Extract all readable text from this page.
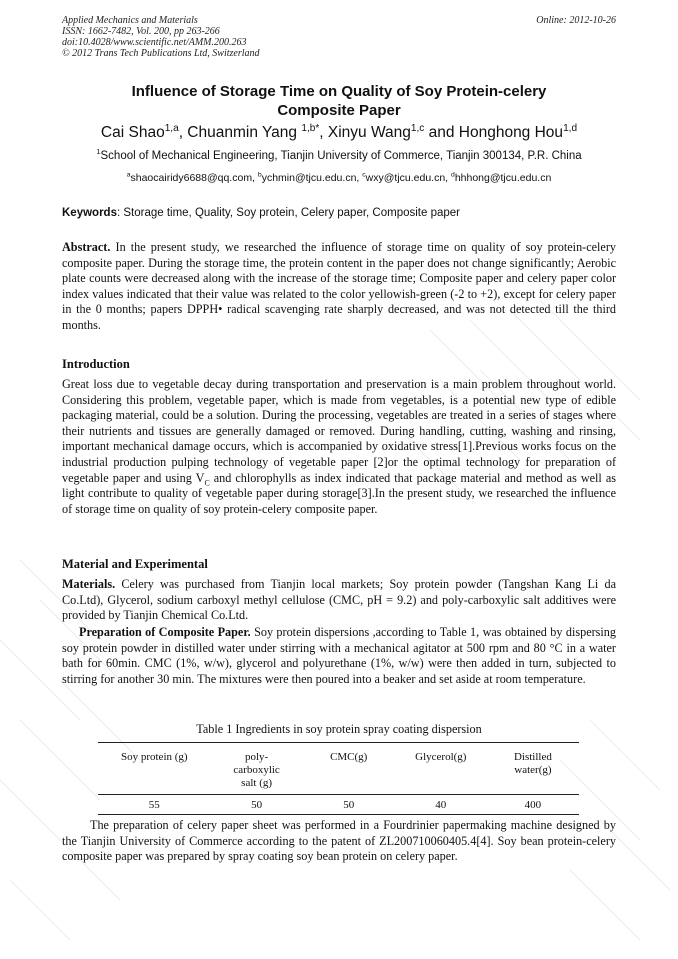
Applied Mechanics and Materials
ISSN: 1662-7482, Vol. 200, pp 263-266
doi:10.4028/www.scientific.net/AMM.200.263
© 2012 Trans Tech Publications Ltd, Switzerland
Online: 2012-10-26
Influence of Storage Time on Quality of Soy Protein-celery
Composite Paper
Cai Shao$^{1,a}$, Chuanmin Yang $^{1,b*}$, Xinyu Wang$^{1,c}$ and Honghong Hou$^{1,d}$
$^1$School of Mechanical Engineering, Tianjin University of Commerce, Tianjin 300134, P.R. China
$^a$shaocairidy6688@qq.com, $^b$ychmin@tjcu.edu.cn, $^c$wxy@tjcu.edu.cn, $^d$hhhong@tjcu.edu.cn
Keywords: Storage time, Quality, Soy protein, Celery paper, Composite paper
Abstract. In the present study, we researched the influence of storage time on quality of soy protein-celery composite paper. During the storage time, the protein content in the paper does not change significantly; Aerobic plate counts were decreased along with the increase of the storage time; Composite paper and celery paper color index values indicated that their value was related to the color yellowish-green (-2 to +2), except for celery paper in the 0 months; papers DPPH• radical scavenging rate sharply decreased, and was not detected till the third months.
Introduction
Great loss due to vegetable decay during transportation and preservation is a main problem throughout world. Considering this problem, vegetable paper, which is made from vegetables, is a potential new type of edible packaging material, could be a solution. During the processing, vegetables are treated in a series of stages where their nutrients and tissues are generally damaged or removed. During handling, cutting, washing and rinsing, important mechanical damage occurs, which is accompanied by oxidative stress[1].Previous works focus on the industrial production pulping technology of vegetable paper [2]or the optimal technology for preparation of vegetable paper and using $V_C$ and chlorophylls as index indicated that package material and method as well as light contribute to quality of vegetable paper during storage[3].In the present study, we researched the influence of storage time on quality of soy protein-celery composite paper.
Material and Experimental
Materials. Celery was purchased from Tianjin local markets; Soy protein powder (Tangshan Kang Li da Co.Ltd), Glycerol, sodium carboxyl methyl cellulose (CMC, pH = 9.2) and poly-carboxylic salt additives were provided by Tianjin Chemical Co.Ltd.
Preparation of Composite Paper. Soy protein dispersions ,according to Table 1, was obtained by dispersing soy protein powder in distilled water under stirring with a mechanical agitator at 500 rpm and 80 °C in a water bath for 60min. CMC (1%, w/w), glycerol and polyurethane (1%, w/w) were then added in turn, subjected to stirring for another 30 min. The mixtures were then poured into a beaker and set aside at room temperature.
Table 1 Ingredients in soy protein spray coating dispersion
Soy protein (g)	poly-carboxylic salt (g)	CMC(g)	Glycerol(g)	Distilled water(g)
55	50	50	40	400
The preparation of celery paper sheet was performed in a Fourdrinier papermaking machine designed by the Tianjin University of Commerce according to the patent of ZL200710060405.4[4]. Soy bean protein-celery composite paper was prepared by spray coating soy bean protein on celery paper.
